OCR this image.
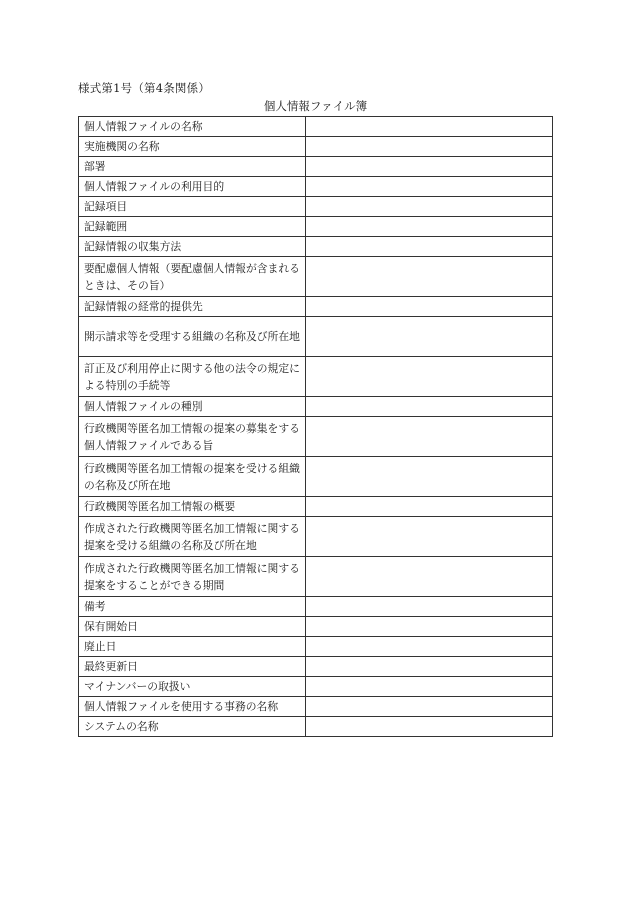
様式第1号（第4条関係）
個人情報ファイル簿
個人情報ファイルの名称	
実施機関の名称	
部署	
個人情報ファイルの利用目的	
記録項目	
記録範囲	
記録情報の収集方法	
要配慮個人情報（要配慮個人情報が含まれるときは、その旨）	
記録情報の経常的提供先	
開示請求等を受理する組織の名称及び所在地	
訂正及び利用停止に関する他の法令の規定による特別の手続等	
個人情報ファイルの種別	
行政機関等匿名加工情報の提案の募集をする個人情報ファイルである旨	
行政機関等匿名加工情報の提案を受ける組織の名称及び所在地	
行政機関等匿名加工情報の概要	
作成された行政機関等匿名加工情報に関する提案を受ける組織の名称及び所在地	
作成された行政機関等匿名加工情報に関する提案をすることができる期間	
備考	
保有開始日	
廃止日	
最終更新日	
マイナンバーの取扱い	
個人情報ファイルを使用する事務の名称	
システムの名称	
